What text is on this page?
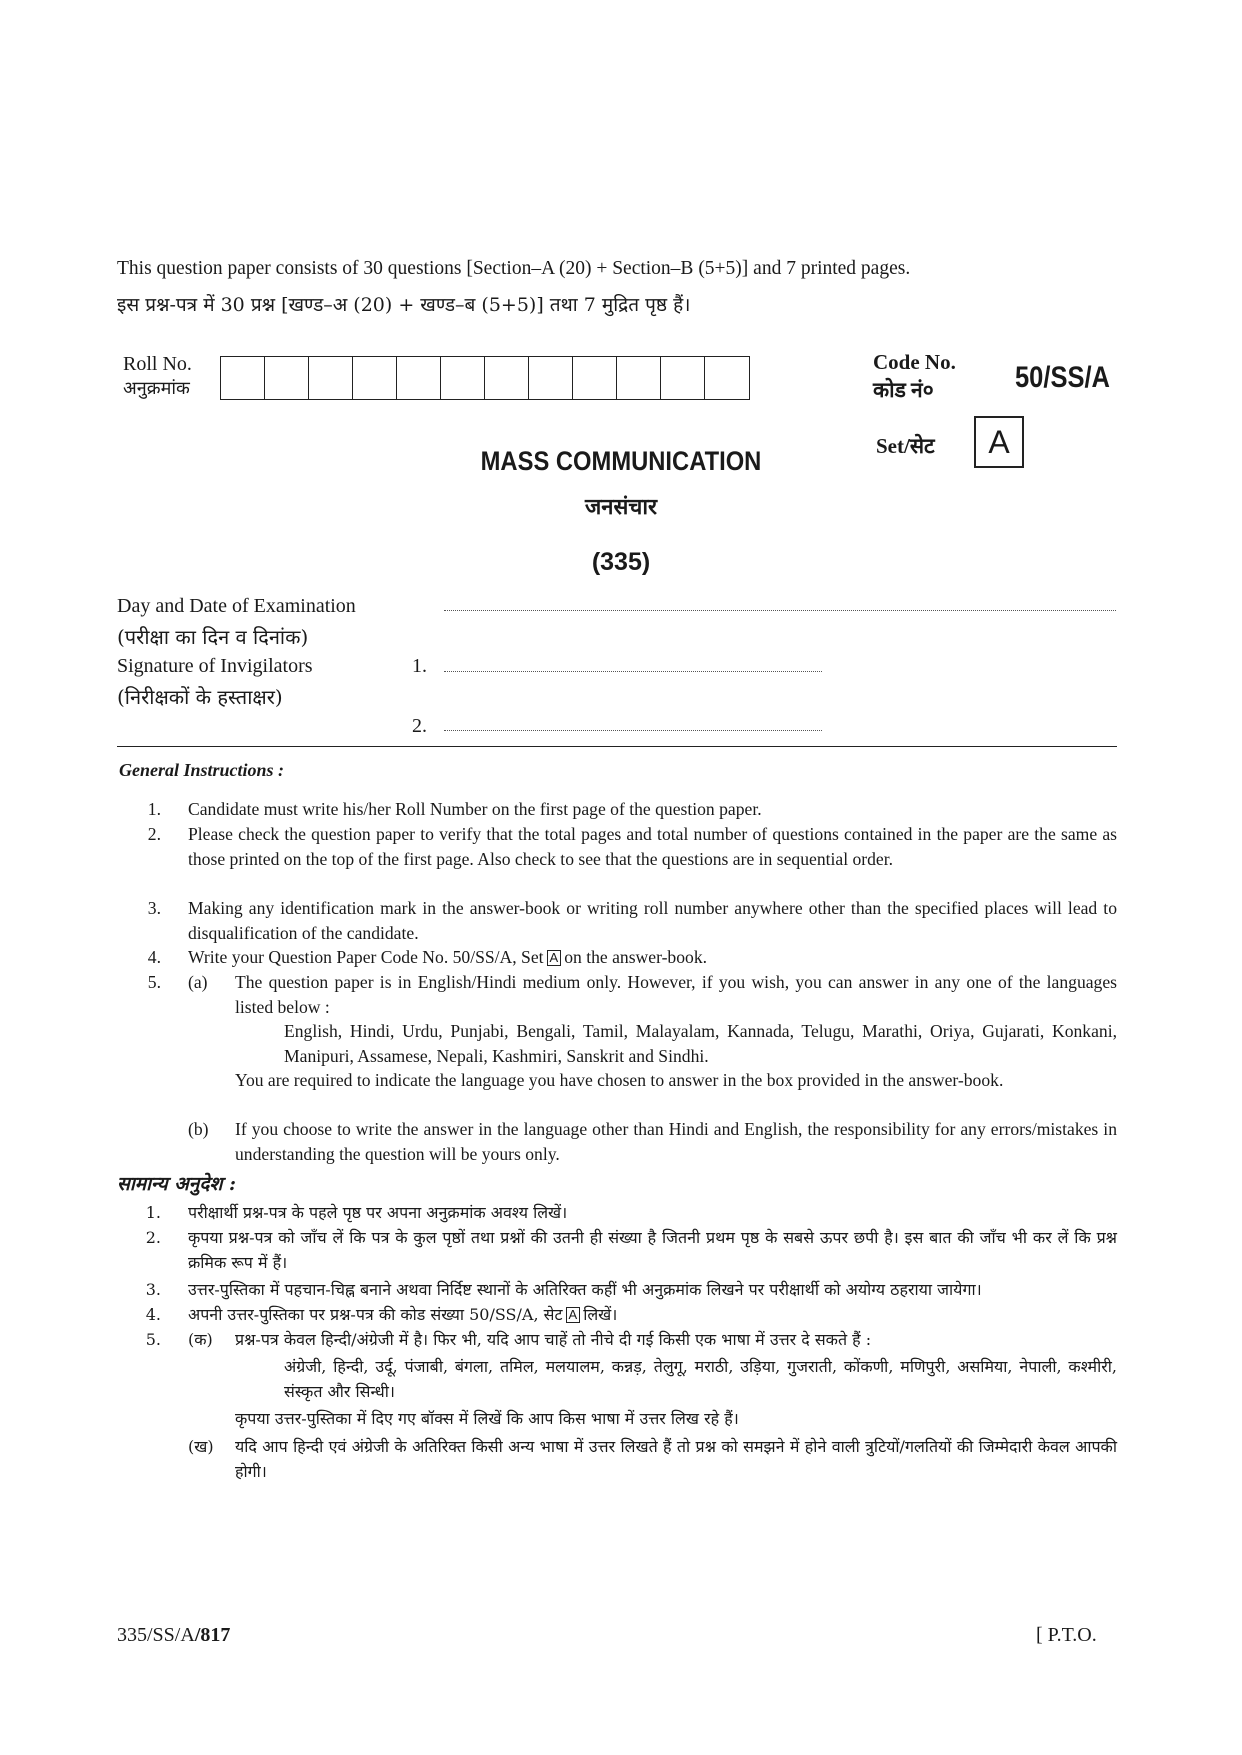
This question paper consists of 30 questions [Section–A (20) + Section–B (5+5)] and 7 printed pages.
इस प्रश्न-पत्र में 30 प्रश्न [खण्ड–अ (20) + खण्ड–ब (5+5)] तथा 7 मुद्रित पृष्ठ हैं।
Roll No.
अनुक्रमांक
Code No.
कोड नं०	50/SS/A
Set/सेट	A
MASS COMMUNICATION
जनसंचार
(335)
Day and Date of Examination
(परीक्षा का दिन व दिनांक)
Signature of Invigilators
(निरीक्षकों के हस्ताक्षर)
1.
2.
General Instructions :
1. Candidate must write his/her Roll Number on the first page of the question paper.
2. Please check the question paper to verify that the total pages and total number of questions contained in the paper are the same as those printed on the top of the first page. Also check to see that the questions are in sequential order.
3. Making any identification mark in the answer-book or writing roll number anywhere other than the specified places will lead to disqualification of the candidate.
4. Write your Question Paper Code No. 50/SS/A, Set A on the answer-book.
5. (a) The question paper is in English/Hindi medium only. However, if you wish, you can answer in any one of the languages listed below :
English, Hindi, Urdu, Punjabi, Bengali, Tamil, Malayalam, Kannada, Telugu, Marathi, Oriya, Gujarati, Konkani, Manipuri, Assamese, Nepali, Kashmiri, Sanskrit and Sindhi.
You are required to indicate the language you have chosen to answer in the box provided in the answer-book.
(b) If you choose to write the answer in the language other than Hindi and English, the responsibility for any errors/mistakes in understanding the question will be yours only.
सामान्य अनुदेश :
1. परीक्षार्थी प्रश्न-पत्र के पहले पृष्ठ पर अपना अनुक्रमांक अवश्य लिखें।
2. कृपया प्रश्न-पत्र को जाँच लें कि पत्र के कुल पृष्ठों तथा प्रश्नों की उतनी ही संख्या है जितनी प्रथम पृष्ठ के सबसे ऊपर छपी है। इस बात की जाँच भी कर लें कि प्रश्न क्रमिक रूप में हैं।
3. उत्तर-पुस्तिका में पहचान-चिह्न बनाने अथवा निर्दिष्ट स्थानों के अतिरिक्त कहीं भी अनुक्रमांक लिखने पर परीक्षार्थी को अयोग्य ठहराया जायेगा।
4. अपनी उत्तर-पुस्तिका पर प्रश्न-पत्र की कोड संख्या 50/SS/A, सेट A लिखें।
5. (क) प्रश्न-पत्र केवल हिन्दी/अंग्रेजी में है। फिर भी, यदि आप चाहें तो नीचे दी गई किसी एक भाषा में उत्तर दे सकते हैं :
अंग्रेजी, हिन्दी, उर्दू, पंजाबी, बंगला, तमिल, मलयालम, कन्नड़, तेलुगू, मराठी, उड़िया, गुजराती, कोंकणी, मणिपुरी, असमिया, नेपाली, कश्मीरी, संस्कृत और सिन्धी।
कृपया उत्तर-पुस्तिका में दिए गए बॉक्स में लिखें कि आप किस भाषा में उत्तर लिख रहे हैं।
(ख) यदि आप हिन्दी एवं अंग्रेजी के अतिरिक्त किसी अन्य भाषा में उत्तर लिखते हैं तो प्रश्न को समझने में होने वाली त्रुटियों/गलतियों की जिम्मेदारी केवल आपकी होगी।
335/SS/A/817	[ P.T.O.
